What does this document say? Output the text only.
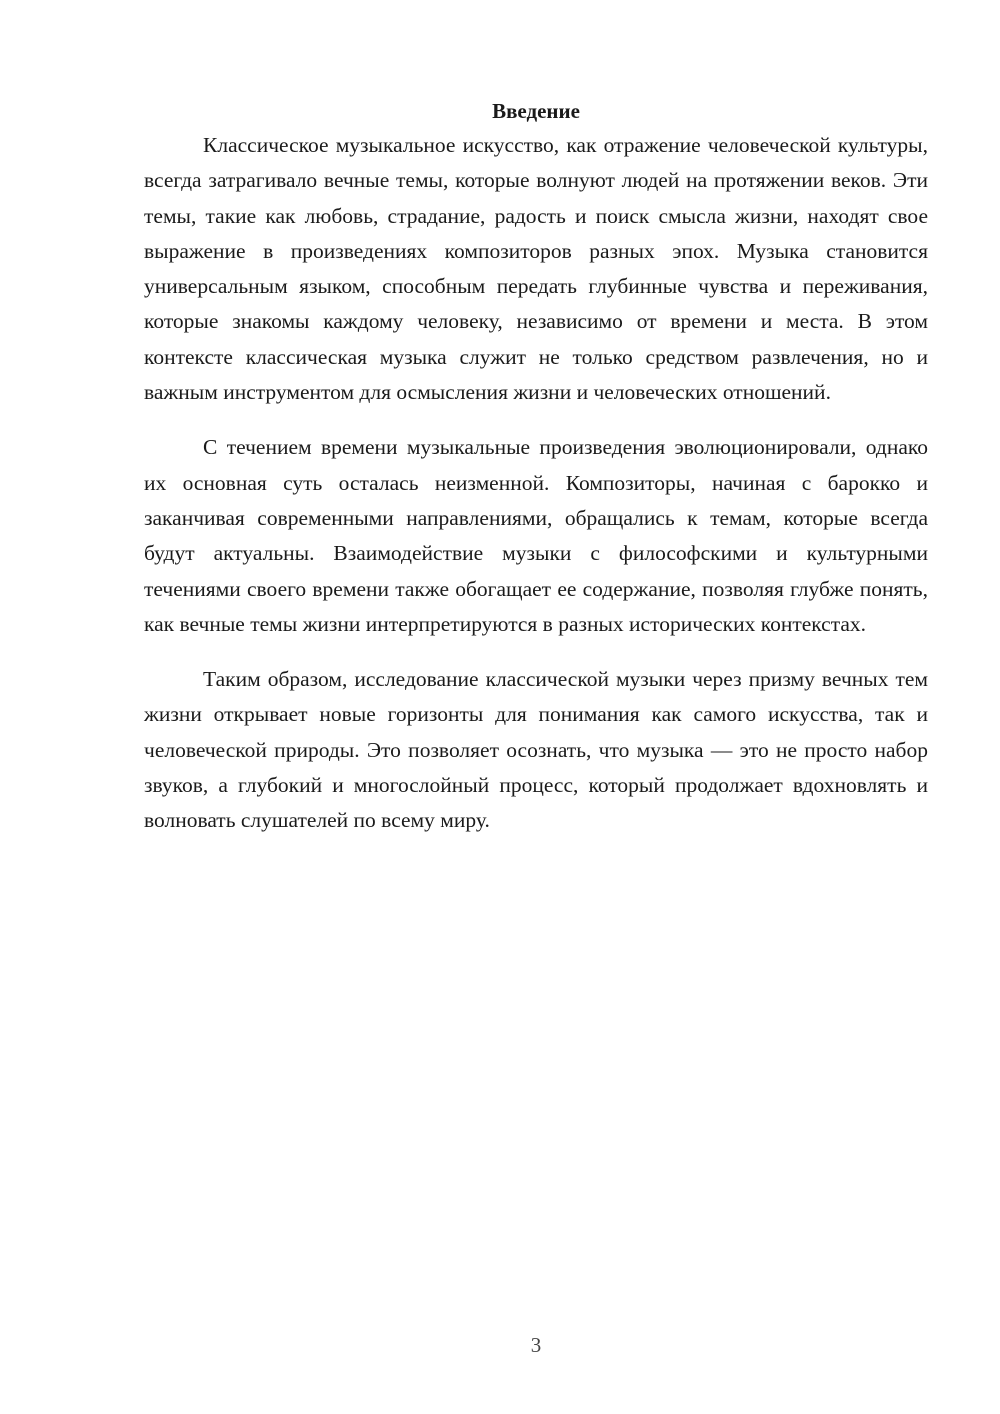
Введение

Классическое музыкальное искусство, как отражение человеческой культуры, всегда затрагивало вечные темы, которые волнуют людей на протяжении веков. Эти темы, такие как любовь, страдание, радость и поиск смысла жизни, находят свое выражение в произведениях композиторов разных эпох. Музыка становится универсальным языком, способным передать глубинные чувства и переживания, которые знакомы каждому человеку, независимо от времени и места. В этом контексте классическая музыка служит не только средством развлечения, но и важным инструментом для осмысления жизни и человеческих отношений.

С течением времени музыкальные произведения эволюционировали, однако их основная суть осталась неизменной. Композиторы, начиная с барокко и заканчивая современными направлениями, обращались к темам, которые всегда будут актуальны. Взаимодействие музыки с философскими и культурными течениями своего времени также обогащает ее содержание, позволяя глубже понять, как вечные темы жизни интерпретируются в разных исторических контекстах.

Таким образом, исследование классической музыки через призму вечных тем жизни открывает новые горизонты для понимания как самого искусства, так и человеческой природы. Это позволяет осознать, что музыка — это не просто набор звуков, а глубокий и многослойный процесс, который продолжает вдохновлять и волновать слушателей по всему миру.

3
